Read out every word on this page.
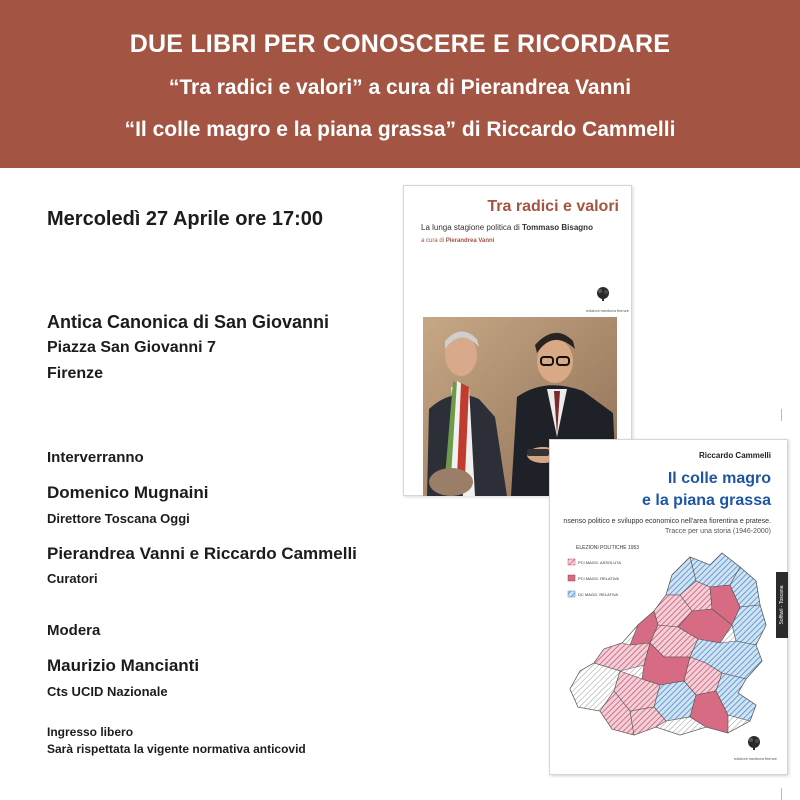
DUE LIBRI PER CONOSCERE E RICORDARE
“Tra radici e valori” a cura di Pierandrea Vanni
“Il colle magro e la piana grassa” di Riccardo Cammelli
Mercoledì 27 Aprile ore 17:00
Antica Canonica di San Giovanni
Piazza San Giovanni 7
Firenze
Interverranno
Domenico Mugnaini
Direttore Toscana Oggi
Pierandrea Vanni e Riccardo Cammelli
Curatori
Modera
Maurizio Mancianti
Cts UCID Nazionale
Ingresso libero
Sarà rispettata la vigente normativa anticovid
Tra radici e valori
La lunga stagione politica di Tommaso Bisagno
a cura di Pierandrea Vanni
edizioni medicea firenze
Riccardo Cammelli
Il colle magro
e la piana grassa
nsenso politico e sviluppo economico nell'area fiorentina e pratese.
Tracce per una storia (1946-2000)
ELEZIONI POLITICHE 1953
PCI MAGG. ASSOLUTA
PCI MAGG. RELATIVA
DC MAGG. RELATIVA	Sofftwil - Toscana
edizioni medicea firenze
